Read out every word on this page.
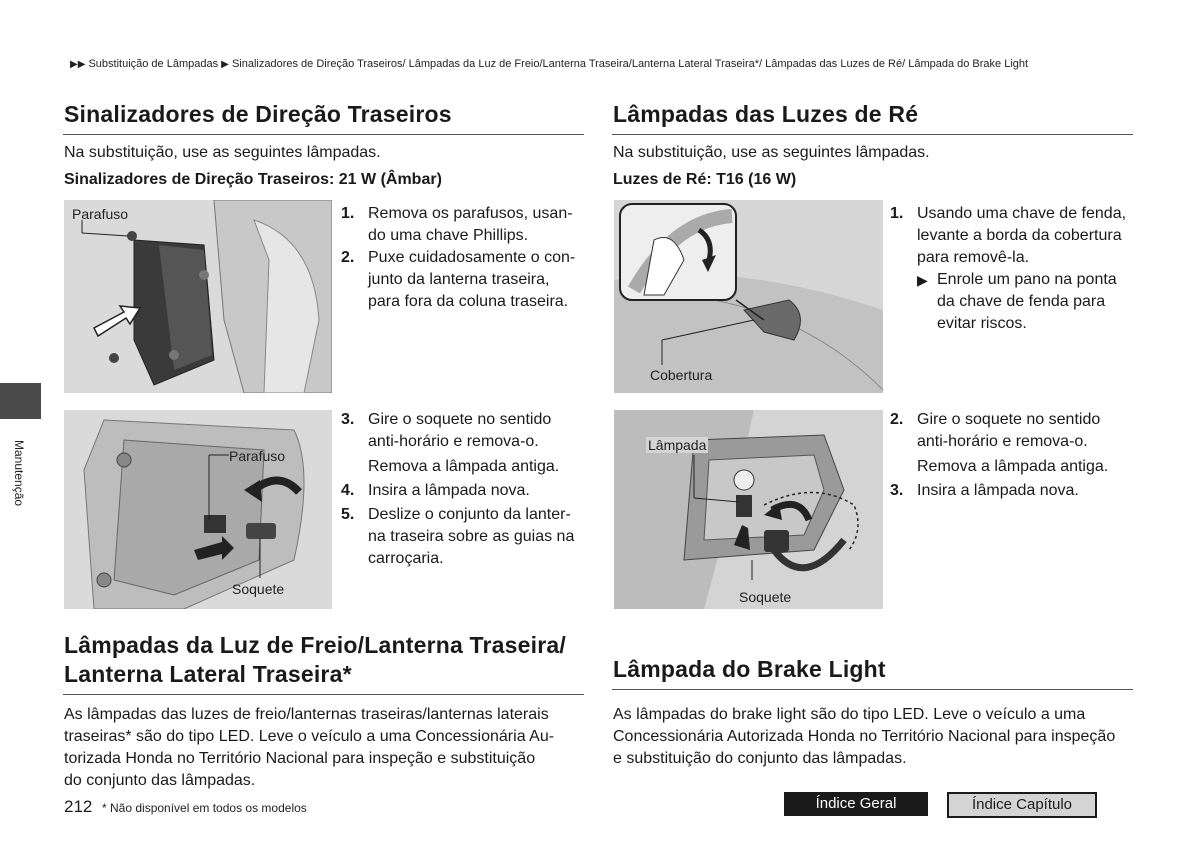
▶▶ Substituição de Lâmpadas ▶ Sinalizadores de Direção Traseiros/ Lâmpadas da Luz de Freio/Lanterna Traseira/Lanterna Lateral Traseira*/ Lâmpadas das Luzes de Ré/ Lâmpada do Brake Light
Manutenção
Sinalizadores de Direção Traseiros
Na substituição, use as seguintes lâmpadas.
Sinalizadores de Direção Traseiros: 21 W (Âmbar)
Parafuso	1. Remova os parafusos, usan-
do uma chave Phillips.
2. Puxe cuidadosamente o con-
junto da lanterna traseira,
para fora da coluna traseira.
Parafuso
Soquete
3. Gire o soquete no sentido
anti-horário e remova-o.
Remova a lâmpada antiga.
4. Insira a lâmpada nova.
5. Deslize o conjunto da lanter-
na traseira sobre as guias na
carroçaria.
Lâmpadas da Luz de Freio/Lanterna Traseira/
Lanterna Lateral Traseira*
As lâmpadas das luzes de freio/lanternas traseiras/lanternas laterais
traseiras* são do tipo LED. Leve o veículo a uma Concessionária Au-
torizada Honda no Território Nacional para inspeção e substituição
do conjunto das lâmpadas.
Lâmpadas das Luzes de Ré
Na substituição, use as seguintes lâmpadas.
Luzes de Ré: T16 (16 W)
Cobertura
1. Usando uma chave de fenda,
levante a borda da cobertura
para removê-la.
▶ Enrole um pano na ponta
da chave de fenda para
evitar riscos.
Lâmpada
Soquete
2. Gire o soquete no sentido
anti-horário e remova-o.
Remova a lâmpada antiga.
3. Insira a lâmpada nova.
Lâmpada do Brake Light
As lâmpadas do brake light são do tipo LED. Leve o veículo a uma
Concessionária Autorizada Honda no Território Nacional para inspeção
e substituição do conjunto das lâmpadas.
212 * Não disponível em todos os modelos	Índice Geral	Índice Capítulo
